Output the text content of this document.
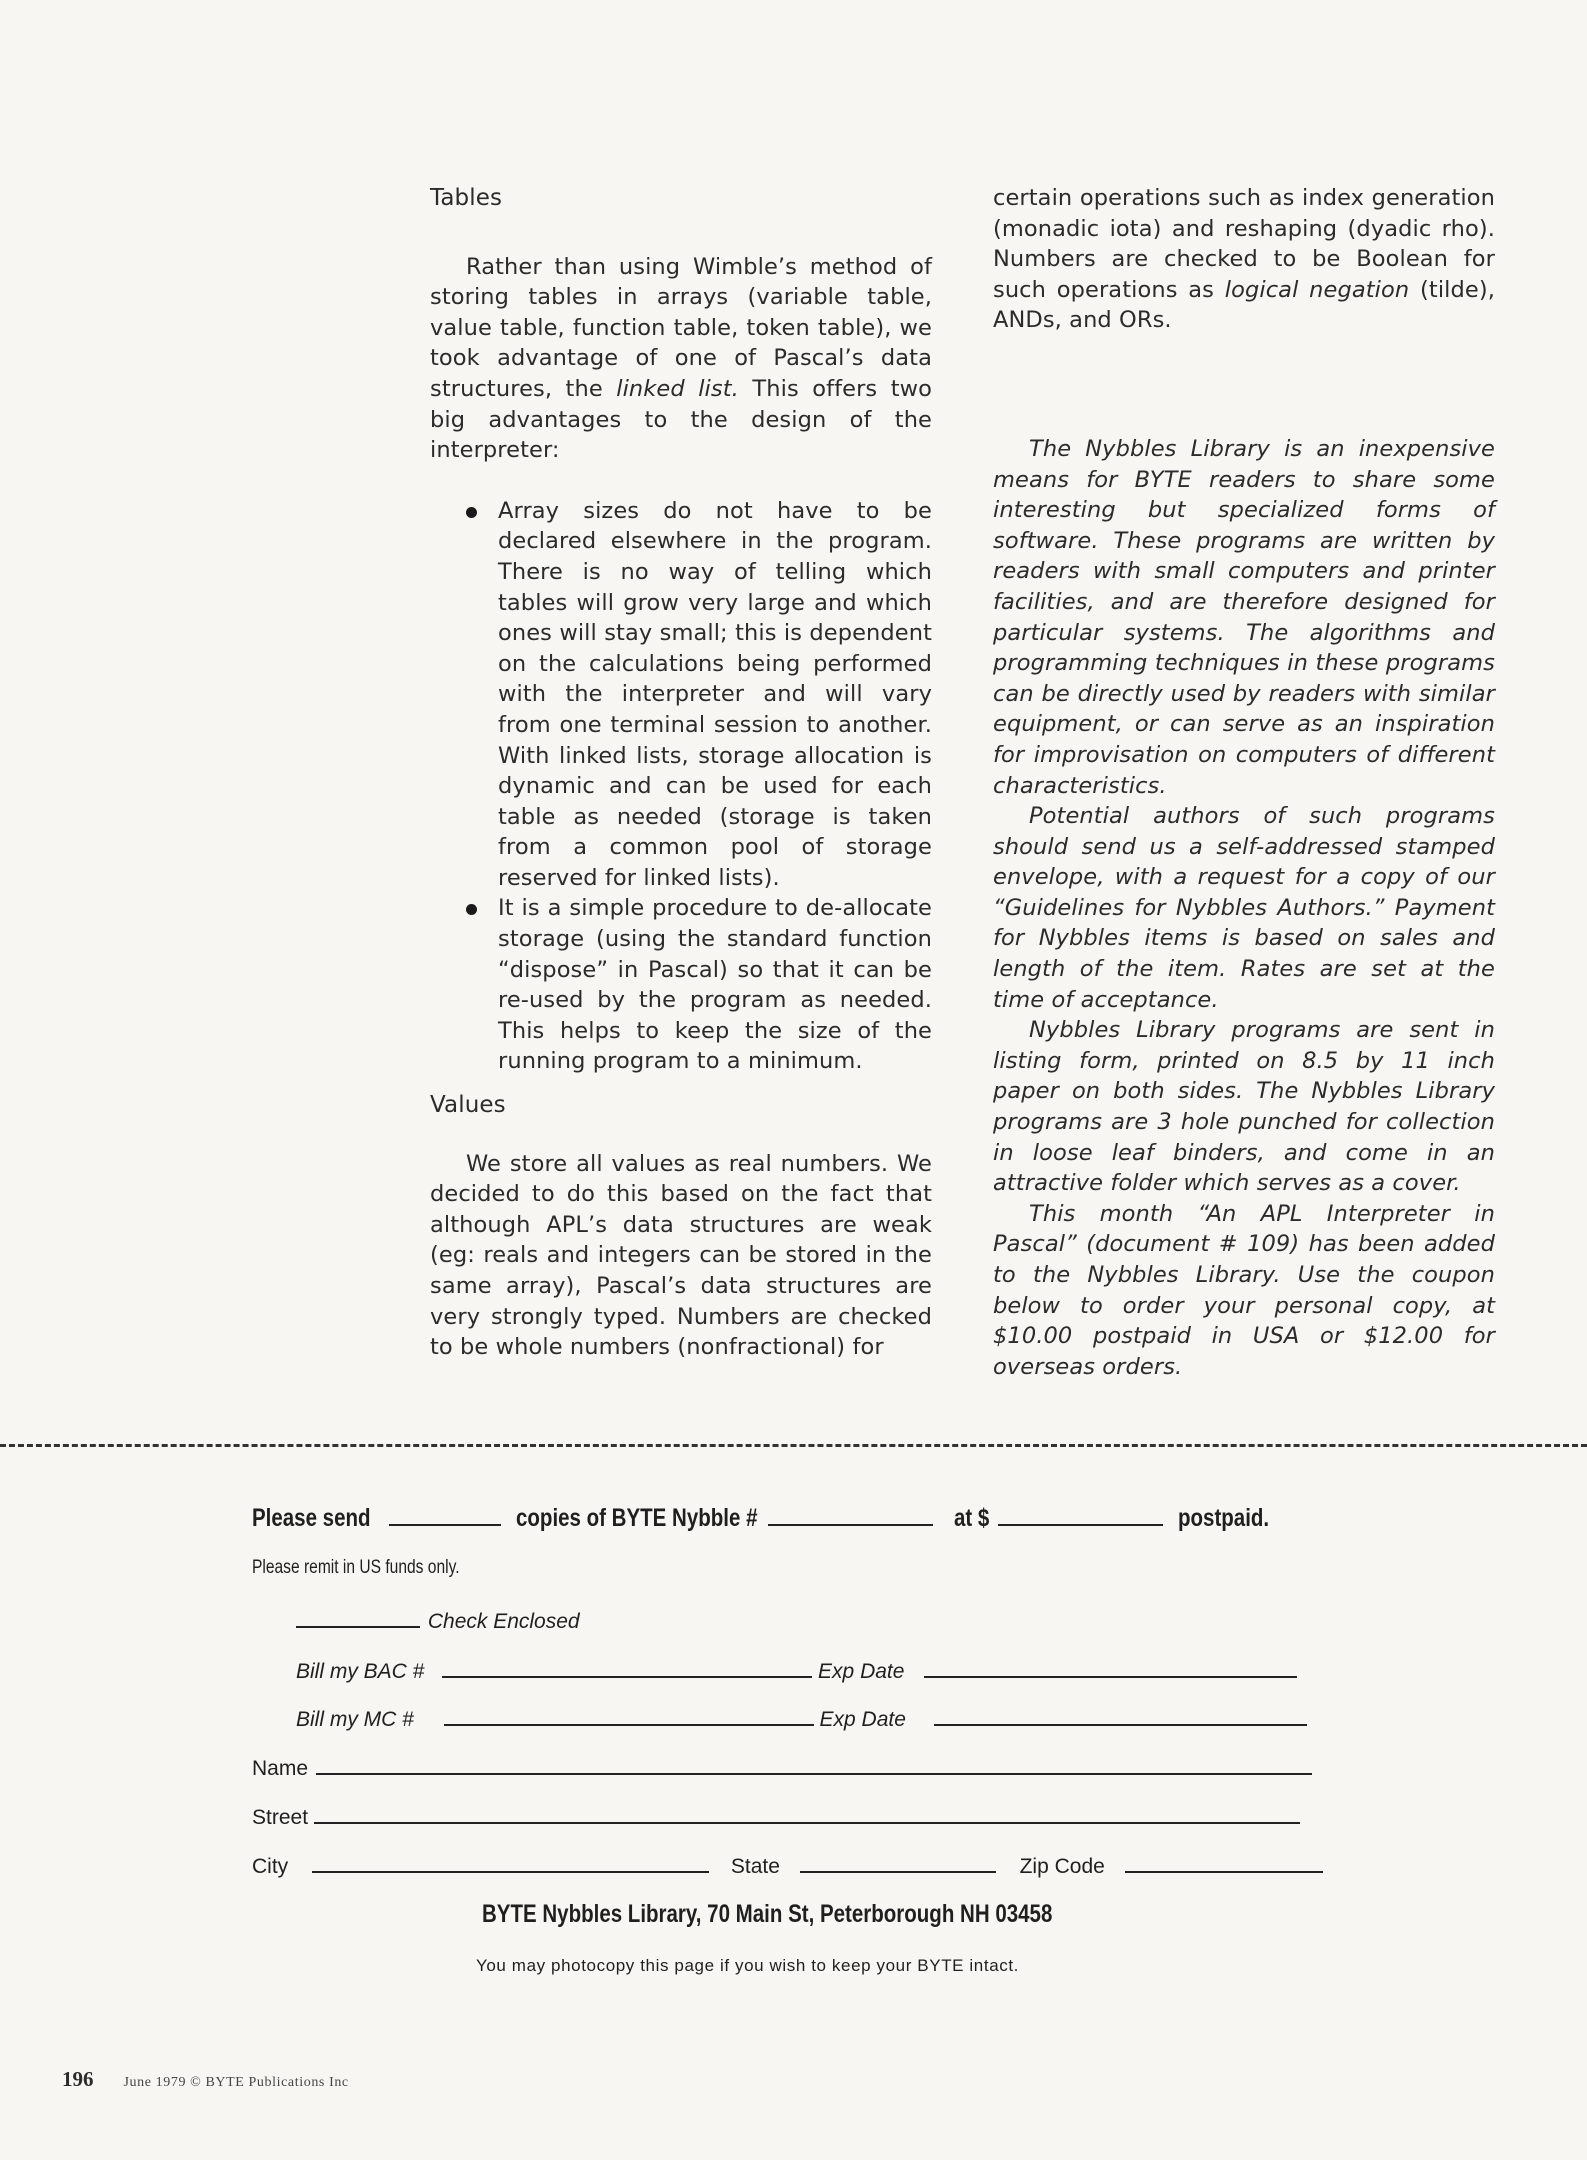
Tables

Rather than using Wimble’s method of storing tables in arrays (variable table, value table, function table, token table), we took advantage of one of Pascal’s data structures, the linked list. This offers two big advantages to the design of the interpreter:

Array sizes do not have to be declared elsewhere in the program. There is no way of telling which tables will grow very large and which ones will stay small; this is dependent on the calculations being performed with the interpreter and will vary from one terminal session to another. With linked lists, storage allocation is dynamic and can be used for each table as needed (storage is taken from a common pool of storage reserved for linked lists).
It is a simple procedure to de-allocate storage (using the standard function “dispose” in Pascal) so that it can be re-used by the program as needed. This helps to keep the size of the running program to a minimum.

Values

We store all values as real numbers. We decided to do this based on the fact that although APL’s data structures are weak (eg: reals and integers can be stored in the same array), Pascal’s data structures are very strongly typed. Numbers are checked to be whole numbers (nonfractional) for

certain operations such as index generation (monadic iota) and reshaping (dyadic rho). Numbers are checked to be Boolean for such operations as logical negation (tilde), ANDs, and ORs.

The Nybbles Library is an inexpensive means for BYTE readers to share some interesting but specialized forms of software. These programs are written by readers with small computers and printer facilities, and are therefore designed for particular systems. The algorithms and programming techniques in these programs can be directly used by readers with similar equipment, or can serve as an inspiration for improvisation on computers of different characteristics.

Potential authors of such programs should send us a self-addressed stamped envelope, with a request for a copy of our “Guidelines for Nybbles Authors.” Payment for Nybbles items is based on sales and length of the item. Rates are set at the time of acceptance.

Nybbles Library programs are sent in listing form, printed on 8.5 by 11 inch paper on both sides. The Nybbles Library programs are 3 hole punched for collection in loose leaf binders, and come in an attractive folder which serves as a cover.

This month “An APL Interpreter in Pascal” (document # 109) has been added to the Nybbles Library. Use the coupon below to order your personal copy, at $10.00 postpaid in USA or $12.00 for overseas orders.

Please send	copies of BYTE Nybble #	at $	postpaid.
Please remit in US funds only.
Check Enclosed
Bill my BAC #	Exp Date
Bill my MC #	Exp Date
Name
Street
City	State	Zip Code
BYTE Nybbles Library, 70 Main St, Peterborough NH 03458
You may photocopy this page if you wish to keep your BYTE intact.
196 June 1979 © BYTE Publications Inc
